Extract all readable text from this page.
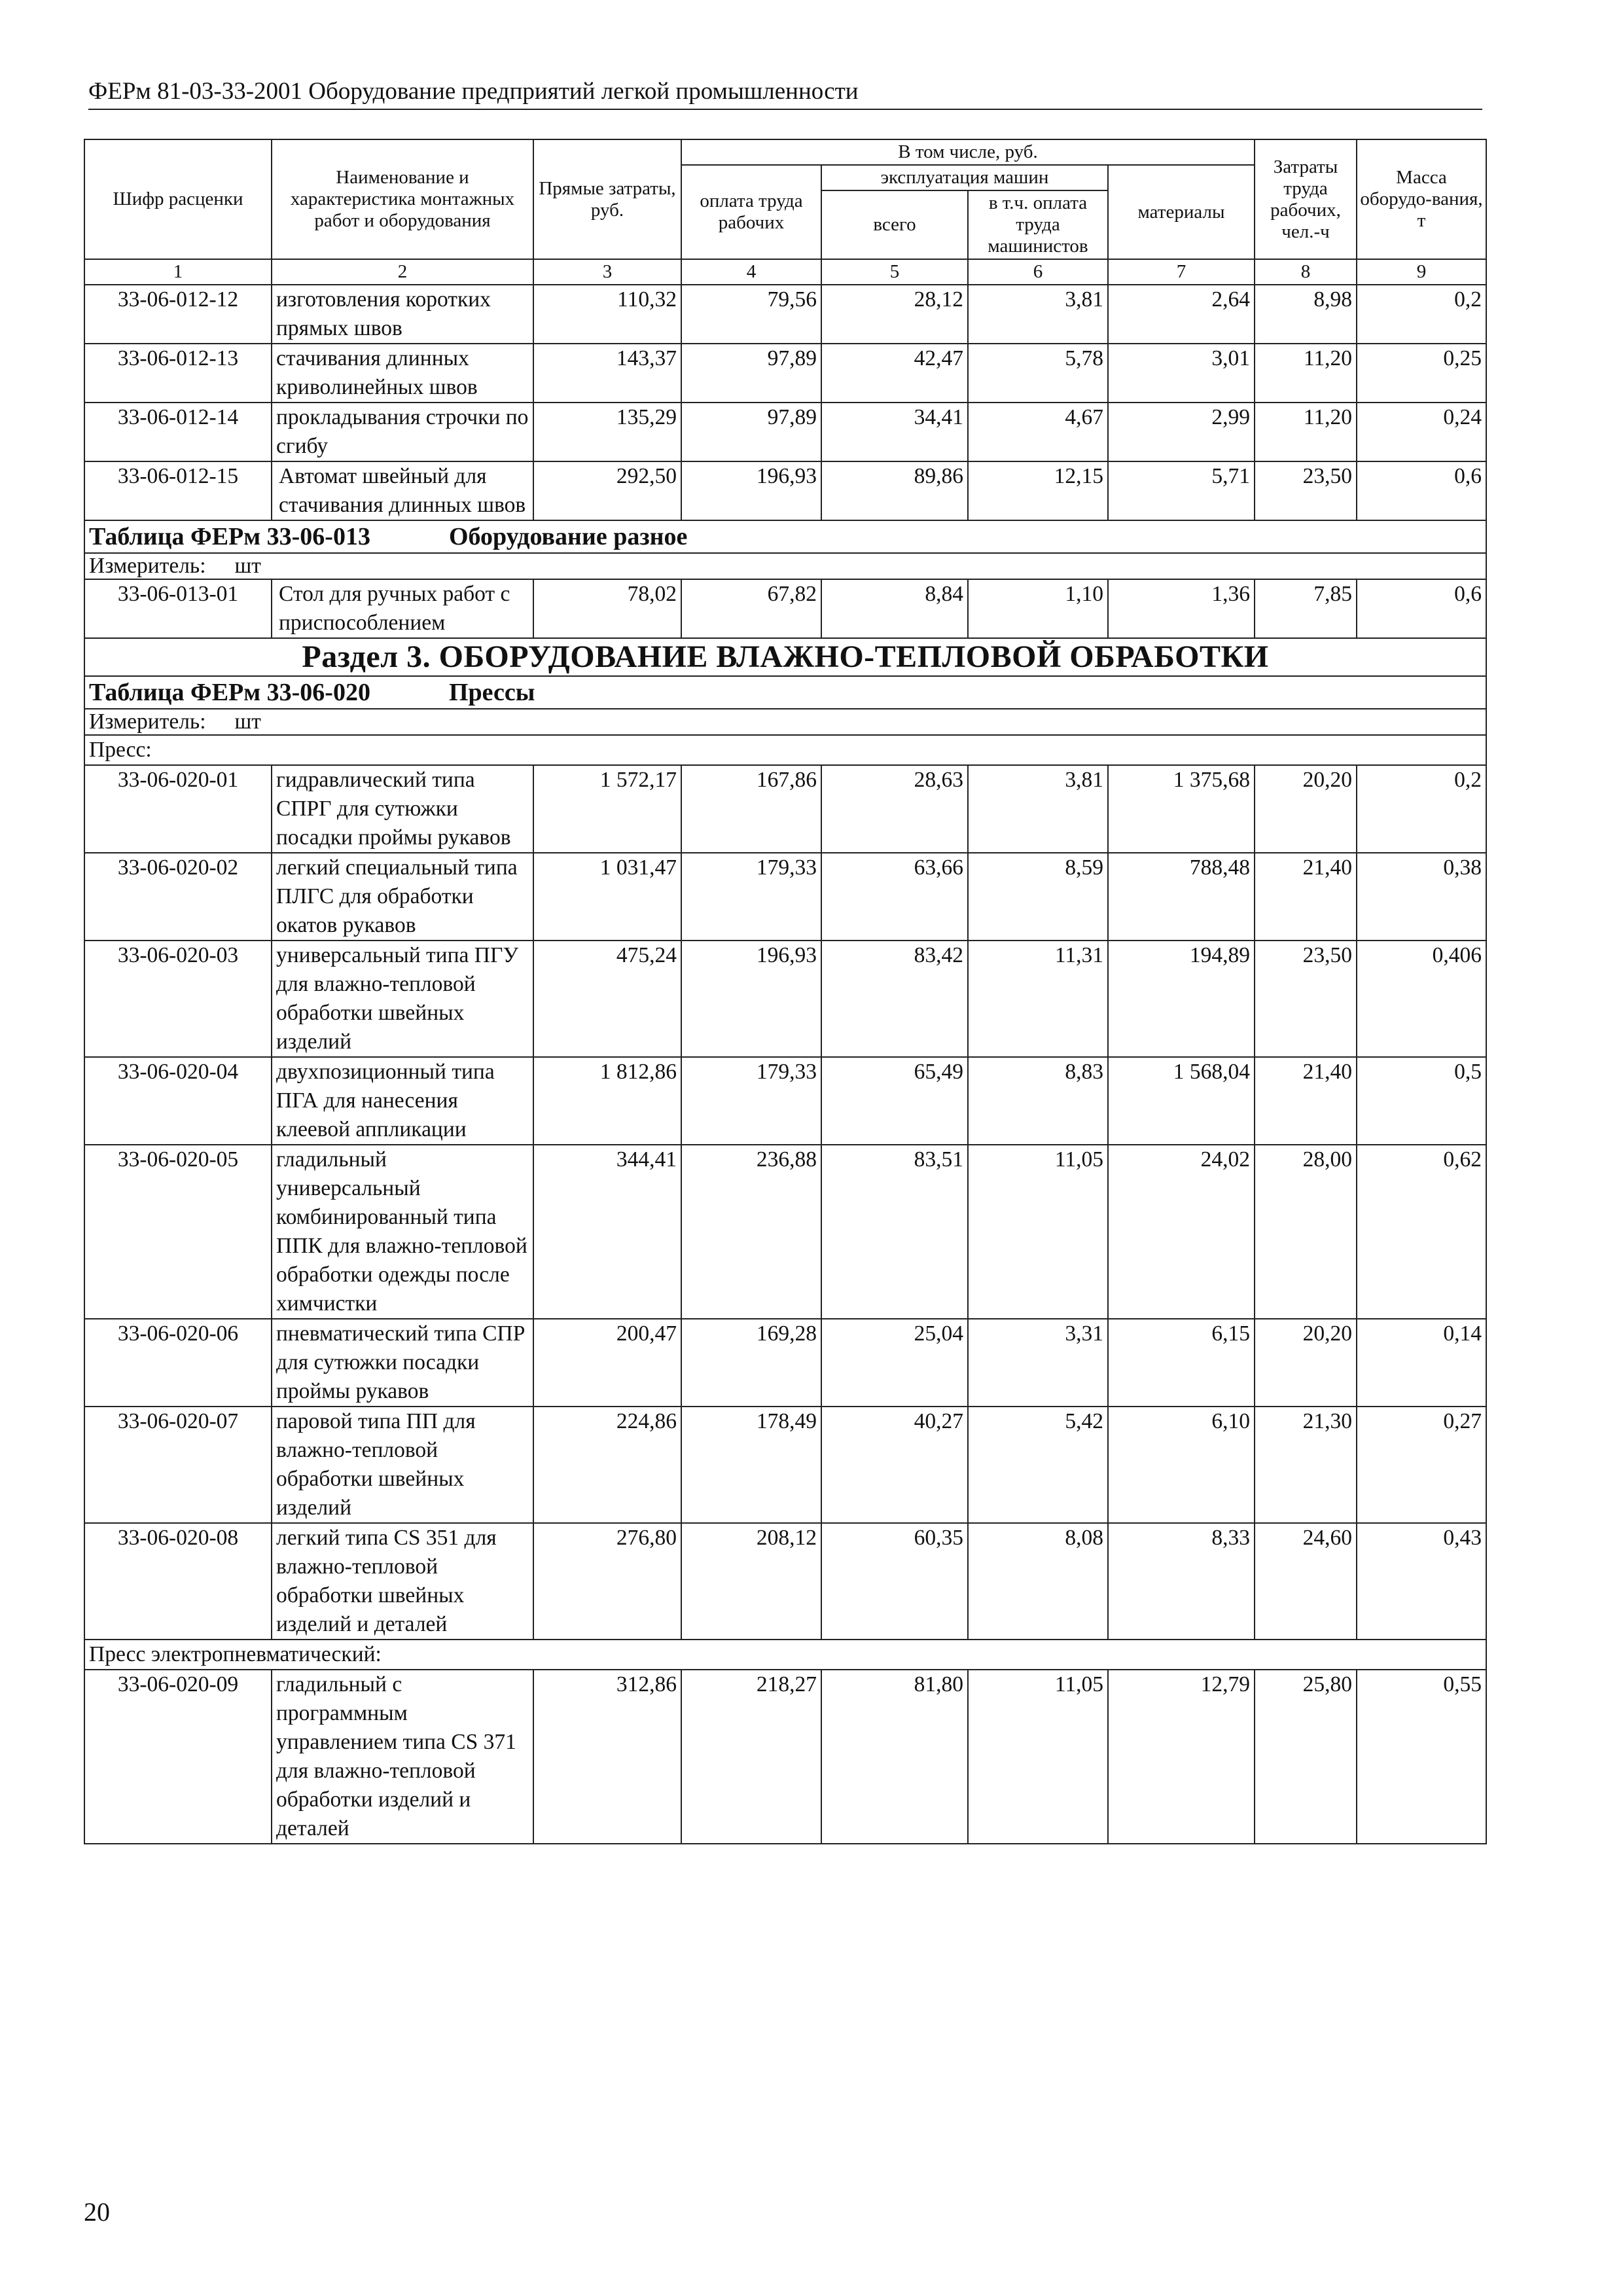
ФЕРм 81-03-33-2001 Оборудование предприятий легкой промышленности
Шифр расценки	Наименование и характеристика монтажных работ и оборудования	Прямые затраты, руб.	В том числе, руб.				Затраты труда рабочих, чел.-ч	Масса оборудо-вания, т
			оплата труда рабочих	эксплуатация машин		материалы		
				всего	в т.ч. оплата труда машинистов			
1	2	3	4	5	6	7	8	9
33-06-012-12	изготовления коротких прямых швов	110,32	79,56	28,12	3,81	2,64	8,98	0,2
33-06-012-13	стачивания длинных криволинейных швов	143,37	97,89	42,47	5,78	3,01	11,20	0,25
33-06-012-14	прокладывания строчки по сгибу	135,29	97,89	34,41	4,67	2,99	11,20	0,24
33-06-012-15	Автомат швейный для стачивания длинных швов	292,50	196,93	89,86	12,15	5,71	23,50	0,6
Таблица ФЕРм 33-06-013 Оборудование разное								
Измеритель: шт								
33-06-013-01	Стол для ручных работ с приспособлением	78,02	67,82	8,84	1,10	1,36	7,85	0,6
Раздел 3. ОБОРУДОВАНИЕ ВЛАЖНО-ТЕПЛОВОЙ ОБРАБОТКИ								
Таблица ФЕРм 33-06-020 Прессы								
Измеритель: шт								
Пресс:								
33-06-020-01	гидравлический типа СПРГ для сутюжки посадки проймы рукавов	1 572,17	167,86	28,63	3,81	1 375,68	20,20	0,2
33-06-020-02	легкий специальный типа ПЛГС для обработки окатов рукавов	1 031,47	179,33	63,66	8,59	788,48	21,40	0,38
33-06-020-03	универсальный типа ПГУ для влажно-тепловой обработки швейных изделий	475,24	196,93	83,42	11,31	194,89	23,50	0,406
33-06-020-04	двухпозиционный типа ПГА для нанесения клеевой аппликации	1 812,86	179,33	65,49	8,83	1 568,04	21,40	0,5
33-06-020-05	гладильный универсальный комбинированный типа ППК для влажно-тепловой обработки одежды после химчистки	344,41	236,88	83,51	11,05	24,02	28,00	0,62
33-06-020-06	пневматический типа СПР для сутюжки посадки проймы рукавов	200,47	169,28	25,04	3,31	6,15	20,20	0,14
33-06-020-07	паровой типа ПП для влажно-тепловой обработки швейных изделий	224,86	178,49	40,27	5,42	6,10	21,30	0,27
33-06-020-08	легкий типа CS 351 для влажно-тепловой обработки швейных изделий и деталей	276,80	208,12	60,35	8,08	8,33	24,60	0,43
Пресс электропневматический:								
33-06-020-09	гладильный с программным управлением типа CS 371 для влажно-тепловой обработки изделий и деталей	312,86	218,27	81,80	11,05	12,79	25,80	0,55
20
